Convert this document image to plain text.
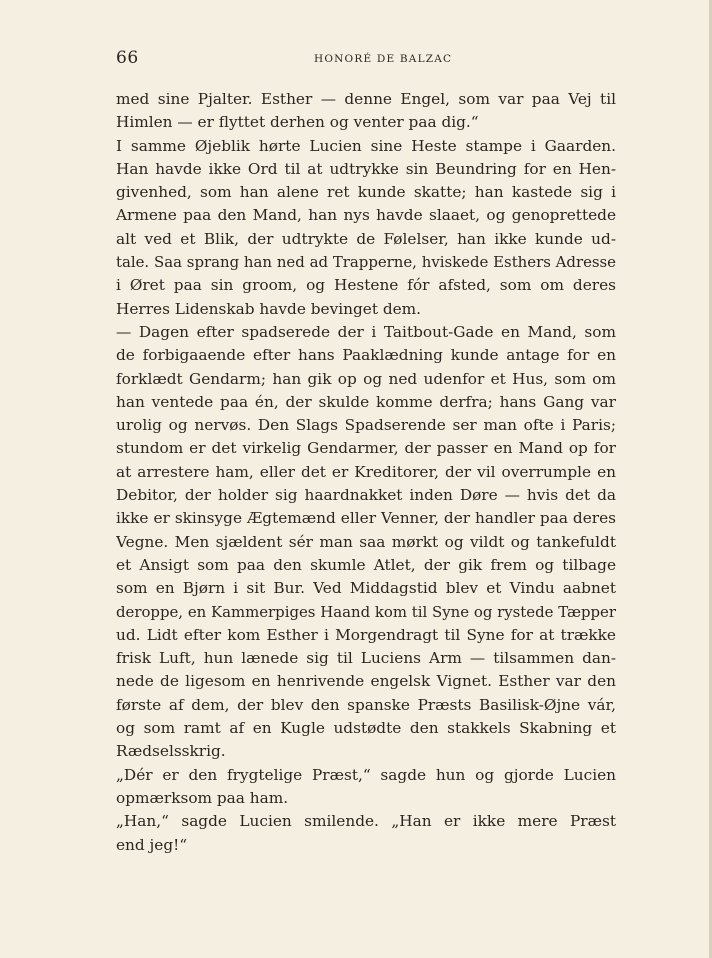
66	HONORÉ DE BALZAC
med sine Pjalter. Esther — denne Engel, som var paa Vej til
Himlen — er flyttet derhen og venter paa dig.“
I samme Øjeblik hørte Lucien sine Heste stampe i Gaarden.
Han havde ikke Ord til at udtrykke sin Beundring for en Hen-
givenhed, som han alene ret kunde skatte; han kastede sig i
Armene paa den Mand, han nys havde slaaet, og genoprettede
alt ved et Blik, der udtrykte de Følelser, han ikke kunde ud-
tale. Saa sprang han ned ad Trapperne, hviskede Esthers Adresse
i Øret paa sin groom, og Hestene fór afsted, som om deres
Herres Lidenskab havde bevinget dem.
— Dagen efter spadserede der i Taitbout-Gade en Mand, som
de forbigaaende efter hans Paaklædning kunde antage for en
forklædt Gendarm; han gik op og ned udenfor et Hus, som om
han ventede paa én, der skulde komme derfra; hans Gang var
urolig og nervøs. Den Slags Spadserende ser man ofte i Paris;
stundom er det virkelig Gendarmer, der passer en Mand op for
at arrestere ham, eller det er Kreditorer, der vil overrumple en
Debitor, der holder sig haardnakket inden Døre — hvis det da
ikke er skinsyge Ægtemænd eller Venner, der handler paa deres
Vegne. Men sjældent sér man saa mørkt og vildt og tankefuldt
et Ansigt som paa den skumle Atlet, der gik frem og tilbage
som en Bjørn i sit Bur. Ved Middagstid blev et Vindu aabnet
deroppe, en Kammerpiges Haand kom til Syne og rystede Tæpper
ud. Lidt efter kom Esther i Morgendragt til Syne for at trække
frisk Luft, hun lænede sig til Luciens Arm — tilsammen dan-
nede de ligesom en henrivende engelsk Vignet. Esther var den
første af dem, der blev den spanske Præsts Basilisk-Øjne vár,
og som ramt af en Kugle udstødte den stakkels Skabning et
Rædselsskrig.
„Dér er den frygtelige Præst,“ sagde hun og gjorde Lucien
opmærksom paa ham.
„Han,“ sagde Lucien smilende. „Han er ikke mere Præst
end jeg!“
